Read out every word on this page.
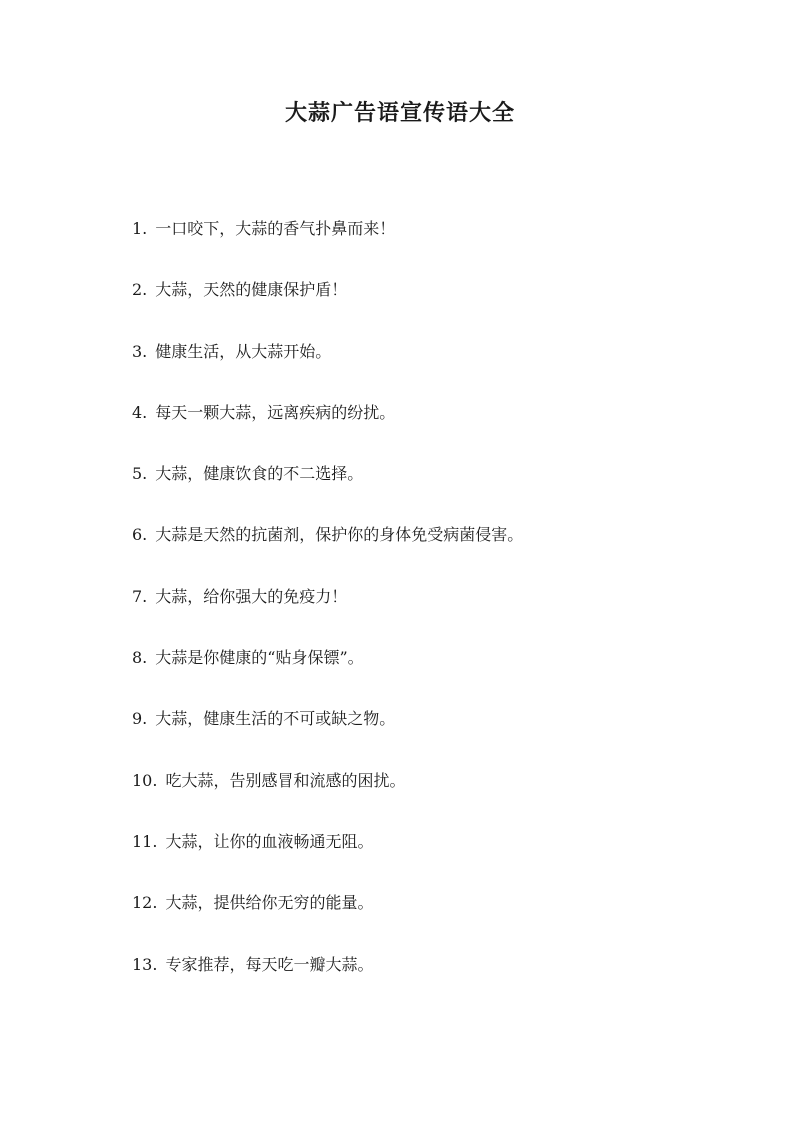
大蒜广告语宣传语大全
1. 一口咬下，大蒜的香气扑鼻而来！
2. 大蒜，天然的健康保护盾！
3. 健康生活，从大蒜开始。
4. 每天一颗大蒜，远离疾病的纷扰。
5. 大蒜，健康饮食的不二选择。
6. 大蒜是天然的抗菌剂，保护你的身体免受病菌侵害。
7. 大蒜，给你强大的免疫力！
8. 大蒜是你健康的“贴身保镖”。
9. 大蒜，健康生活的不可或缺之物。
10. 吃大蒜，告别感冒和流感的困扰。
11. 大蒜，让你的血液畅通无阻。
12. 大蒜，提供给你无穷的能量。
13. 专家推荐，每天吃一瓣大蒜。
